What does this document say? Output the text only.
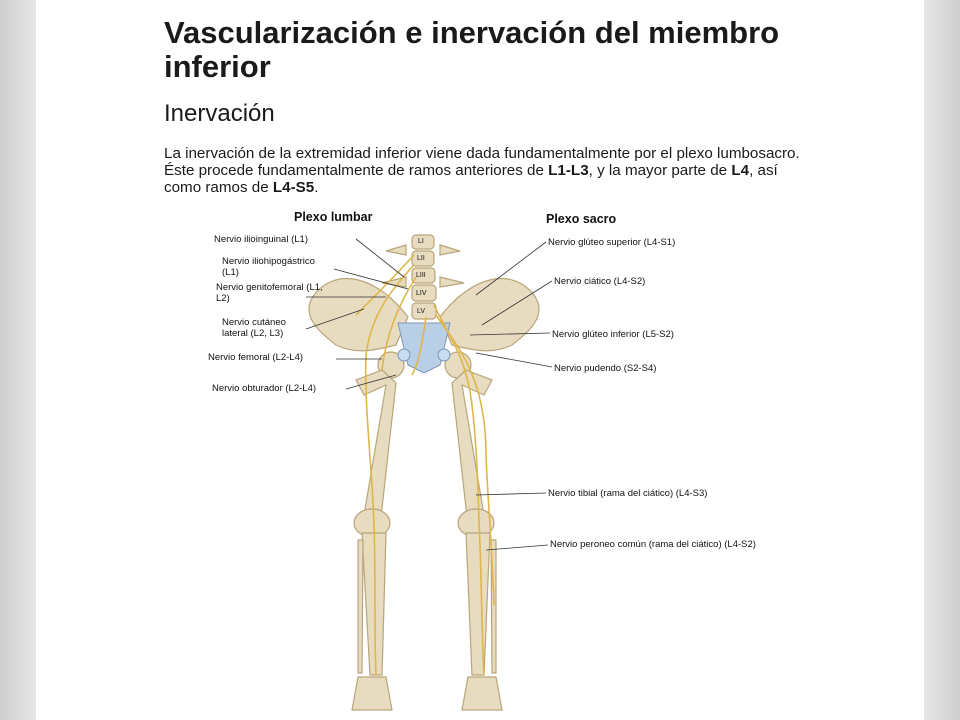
Vascularización e inervación del miembro inferior
Inervación

La inervación de la extremidad inferior viene dada fundamentalmente por el plexo lumbosacro. Éste procede fundamentalmente de ramos anteriores de L1-L3, y la mayor parte de L4, así como ramos de L4-S5.

Plexo lumbar	Plexo sacro
LI
LII
LIII
LIV
LV
Nervio ilioinguinal (L1)
Nervio iliohipogástrico (L1)
Nervio genitofemoral (L1, L2)
Nervio cutáneo lateral (L2, L3)
Nervio femoral (L2-L4)
Nervio obturador (L2-L4)
Nervio glúteo superior (L4-S1)
Nervio ciático (L4-S2)
Nervio glúteo inferior (L5-S2)
Nervio pudendo (S2-S4)
Nervio tibial (rama del ciático) (L4-S3)
Nervio peroneo común (rama del ciático) (L4-S2)
